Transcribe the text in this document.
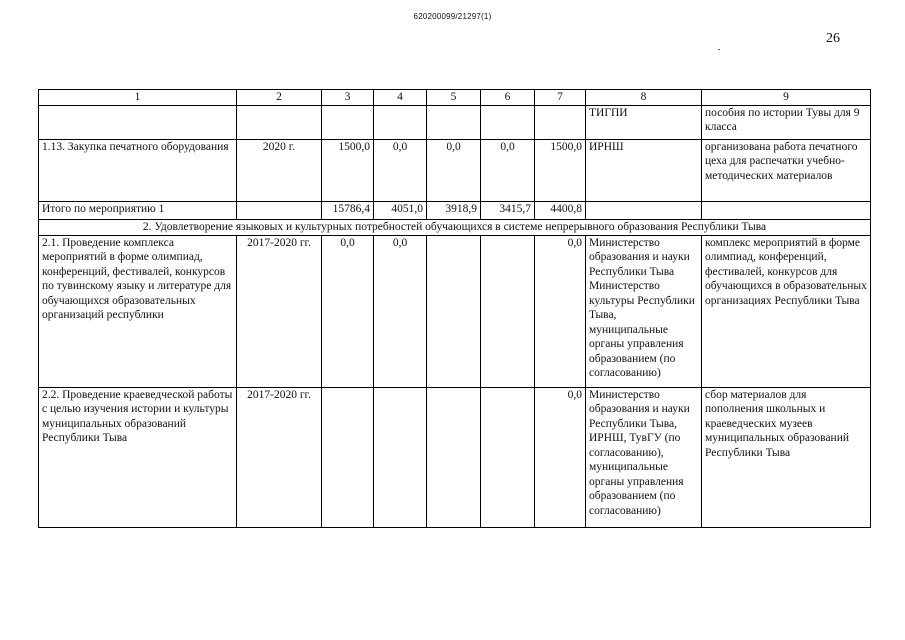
620200099/21297(1)
26
1	2	3	4	5	6	7	8	9
							ТИГПИ	пособия по истории Тувы для 9 класса
1.13. Закупка печатного оборудования	2020 г.	1500,0	0,0	0,0	0,0	1500,0	ИРНШ	организована работа печатного цеха для распечатки учебно-методических материалов
Итого по мероприятию 1		15786,4	4051,0	3918,9	3415,7	4400,8		
2. Удовлетворение языковых и культурных потребностей обучающихся в системе непрерывного образования Республики Тыва								
2.1. Проведение комплекса мероприятий в форме олимпиад, конференций, фестивалей, конкурсов по тувинскому языку и литературе для обучающихся образовательных организаций республики	2017-2020 гг.	0,0	0,0			0,0	Министерство образования и науки Республики Тыва Министерство культуры Республики Тыва, муниципальные органы управления образованием (по согласованию)	комплекс мероприятий в форме олимпиад, конференций, фестивалей, конкурсов для обучающихся в образовательных организациях Республики Тыва
2.2. Проведение краеведческой работы с целью изучения истории и культуры муниципальных образований Республики Тыва	2017-2020 гг.					0,0	Министерство образования и науки Республики Тыва, ИРНШ, ТувГУ (по согласованию), муниципальные органы управления образованием (по согласованию)	сбор материалов для пополнения школьных и краеведческих музеев муниципальных образований Республики Тыва
